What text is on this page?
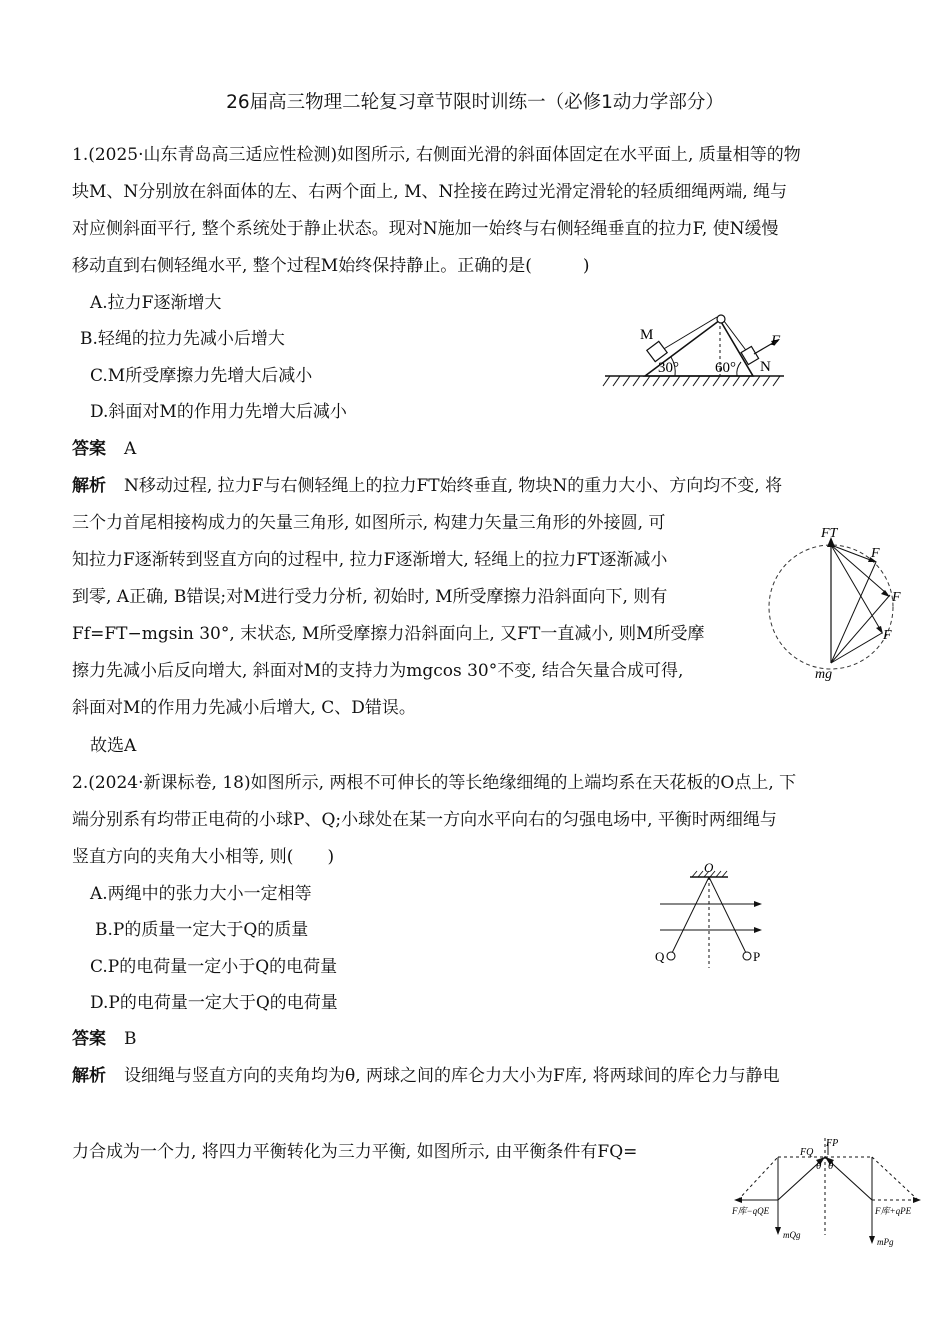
26届高三物理二轮复习章节限时训练一（必修1动力学部分）
1.(2025·山东青岛高三适应性检测)如图所示, 右侧面光滑的斜面体固定在水平面上, 质量相等的物
块M、N分别放在斜面体的左、右两个面上, M、N拴接在跨过光滑定滑轮的轻质细绳两端, 绳与
对应侧斜面平行, 整个系统处于静止状态。现对N施加一始终与右侧轻绳垂直的拉力F, 使N缓慢
移动直到右侧轻绳水平, 整个过程M始终保持静止。正确的是(　　　)
A.拉力F逐渐增大
B.轻绳的拉力先减小后增大
C.M所受摩擦力先增大后减小
D.斜面对M的作用力先增大后减小
M
N
F
30° 60°
答案 A
解析 N移动过程, 拉力F与右侧轻绳上的拉力FT始终垂直, 物块N的重力大小、方向均不变, 将
三个力首尾相接构成力的矢量三角形, 如图所示, 构建力矢量三角形的外接圆, 可
知拉力F逐渐转到竖直方向的过程中, 拉力F逐渐增大, 轻绳上的拉力FT逐渐减小
到零, A正确, B错误;对M进行受力分析, 初始时, M所受摩擦力沿斜面向下, 则有
Ff=FT−mgsin 30°, 末状态, M所受摩擦力沿斜面向上, 又FT一直减小, 则M所受摩
擦力先减小后反向增大, 斜面对M的支持力为mgcos 30°不变, 结合矢量合成可得,
斜面对M的作用力先减小后增大, C、D错误。
故选A
FT
F
F
F
mg
2.(2024·新课标卷, 18)如图所示, 两根不可伸长的等长绝缘细绳的上端均系在天花板的O点上, 下
端分别系有均带正电荷的小球P、Q;小球处在某一方向水平向右的匀强电场中, 平衡时两细绳与
竖直方向的夹角大小相等, 则(　　)
A.两绳中的张力大小一定相等
B.P的质量一定大于Q的质量
C.P的电荷量一定小于Q的电荷量
D.P的电荷量一定大于Q的电荷量
O
Q	P
答案 B
解析 设细绳与竖直方向的夹角均为θ, 两球之间的库仑力大小为F库, 将两球间的库仑力与静电
力合成为一个力, 将四力平衡转化为三力平衡, 如图所示, 由平衡条件有FQ=	FQ
FP
θ θ
F库−qQE	F库+qPE
mQg
mPg
